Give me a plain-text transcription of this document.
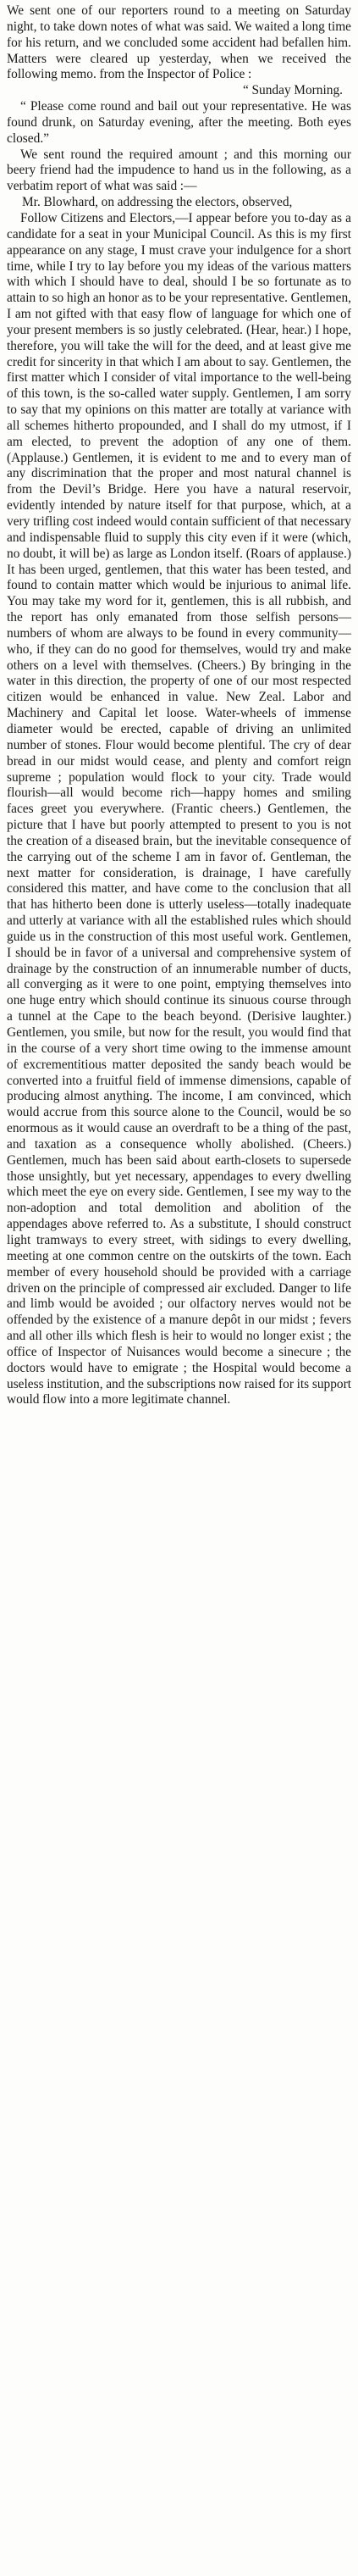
We sent one of our reporters round to a meeting on Saturday night, to take down notes of what was said. We waited a long time for his return, and we concluded some accident had befallen him. Matters were cleared up yesterday, when we received the following memo. from the Inspector of Police :

“ Sunday Morning.

“ Please come round and bail out your representative. He was found drunk, on Saturday evening, after the meeting. Both eyes closed.”

We sent round the required amount ; and this morning our beery friend had the impudence to hand us in the following, as a verbatim report of what was said :—

Mr. Blowhard, on addressing the electors, observed,

Follow Citizens and Electors,—I appear before you to-day as a candidate for a seat in your Municipal Council. As this is my first appearance on any stage, I must crave your indulgence for a short time, while I try to lay before you my ideas of the various matters with which I should have to deal, should I be so fortunate as to attain to so high an honor as to be your representative. Gentlemen, I am not gifted with that easy flow of language for which one of your present members is so justly celebrated. (Hear, hear.) I hope, therefore, you will take the will for the deed, and at least give me credit for sincerity in that which I am about to say. Gentlemen, the first matter which I consider of vital importance to the well-being of this town, is the so-called water supply. Gentlemen, I am sorry to say that my opinions on this matter are totally at variance with all schemes hitherto propounded, and I shall do my utmost, if I am elected, to prevent the adoption of any one of them. (Applause.) Gentlemen, it is evident to me and to every man of any discrimination that the proper and most natural channel is from the Devil’s Bridge. Here you have a natural reservoir, evidently intended by nature itself for that purpose, which, at a very trifling cost indeed would contain sufficient of that necessary and indispensable fluid to supply this city even if it were (which, no doubt, it will be) as large as London itself. (Roars of applause.) It has been urged, gentlemen, that this water has been tested, and found to contain matter which would be injurious to animal life. You may take my word for it, gentlemen, this is all rubbish, and the report has only emanated from those selfish persons—numbers of whom are always to be found in every community—who, if they can do no good for themselves, would try and make others on a level with themselves. (Cheers.) By bringing in the water in this direction, the property of one of our most respected citizen would be enhanced in value. New Zeal. Labor and Machinery and Capital let loose. Water-wheels of immense diameter would be erected, capable of driving an unlimited number of stones. Flour would become plentiful. The cry of dear bread in our midst would cease, and plenty and comfort reign supreme ; population would flock to your city. Trade would flourish—all would become rich—happy homes and smiling faces greet you everywhere. (Frantic cheers.) Gentlemen, the picture that I have but poorly attempted to present to you is not the creation of a diseased brain, but the inevitable consequence of the carrying out of the scheme I am in favor of. Gentleman, the next matter for consideration, is drainage, I have carefully considered this matter, and have come to the conclusion that all that has hitherto been done is utterly useless—totally inadequate and utterly at variance with all the established rules which should guide us in the construction of this most useful work. Gentlemen, I should be in favor of a universal and comprehensive system of drainage by the construction of an innumerable number of ducts, all converging as it were to one point, emptying themselves into one huge entry which should continue its sinuous course through a tunnel at the Cape to the beach beyond. (Derisive laughter.) Gentlemen, you smile, but now for the result, you would find that in the course of a very short time owing to the immense amount of excrementitious matter deposited the sandy beach would be converted into a fruitful field of immense dimensions, capable of producing almost anything. The income, I am convinced, which would accrue from this source alone to the Council, would be so enormous as it would cause an overdraft to be a thing of the past, and taxation as a consequence wholly abolished. (Cheers.) Gentlemen, much has been said about earth-closets to supersede those unsightly, but yet necessary, appendages to every dwelling which meet the eye on every side. Gentlemen, I see my way to the non-adoption and total demolition and abolition of the appendages above referred to. As a substitute, I should construct light tramways to every street, with sidings to every dwelling, meeting at one common centre on the outskirts of the town. Each member of every household should be provided with a carriage driven on the principle of compressed air excluded. Danger to life and limb would be avoided ; our olfactory nerves would not be offended by the existence of a manure depôt in our midst ; fevers and all other ills which flesh is heir to would no longer exist ; the office of Inspector of Nuisances would become a sinecure ; the doctors would have to emigrate ; the Hospital would become a useless institution, and the subscriptions now raised for its support would flow into a more legitimate channel.
